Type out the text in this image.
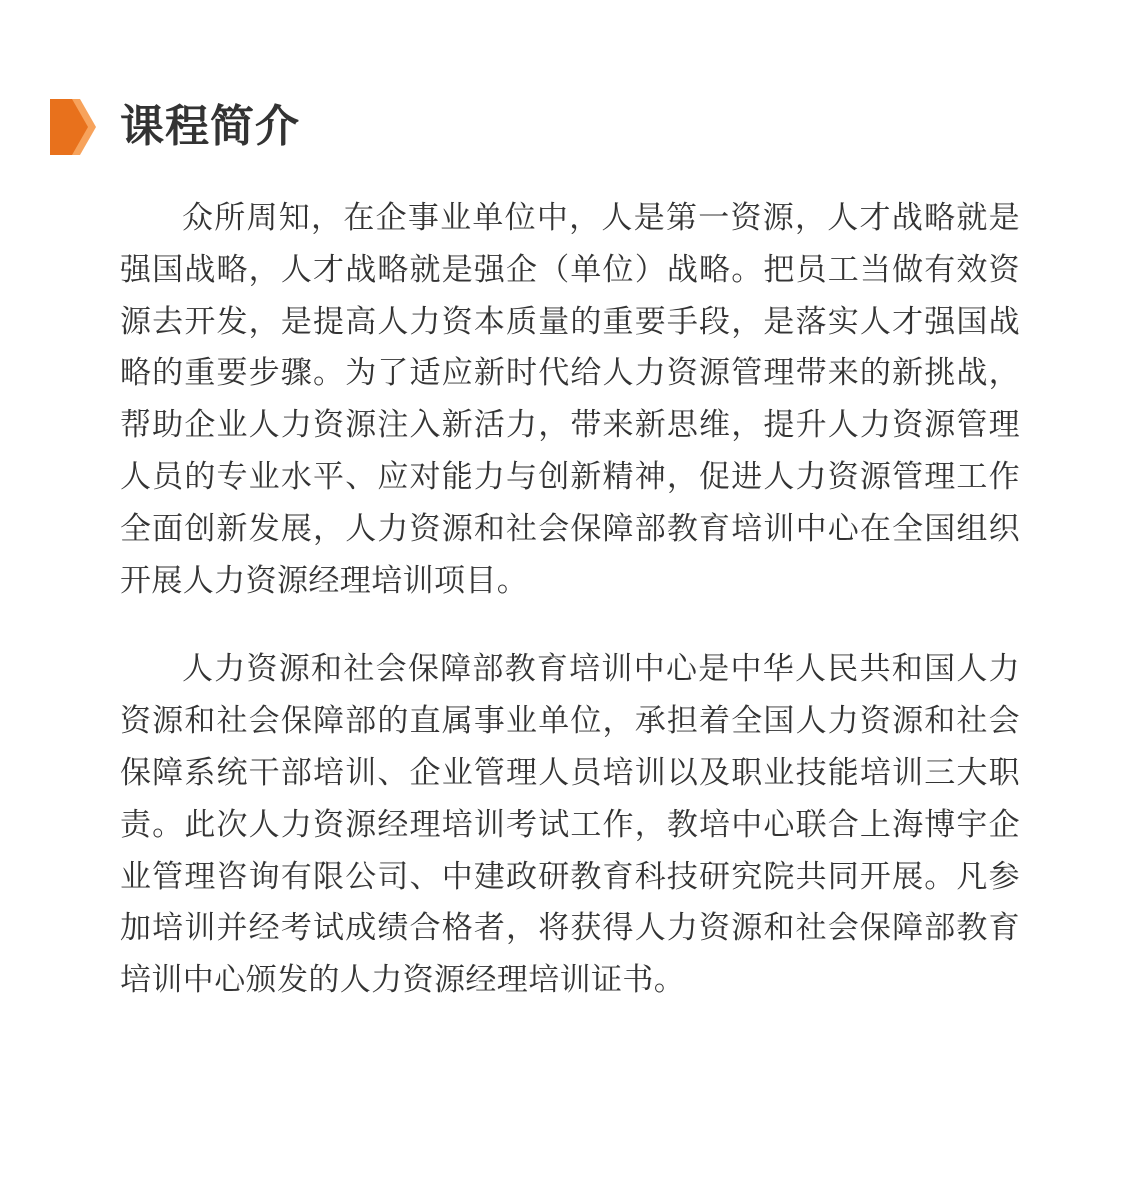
课程简介

众所周知，在企事业单位中，人是第一资源，人才战略就是强国战略，人才战略就是强企（单位）战略。把员工当做有效资源去开发，是提高人力资本质量的重要手段，是落实人才强国战略的重要步骤。为了适应新时代给人力资源管理带来的新挑战，帮助企业人力资源注入新活力，带来新思维，提升人力资源管理人员的专业水平、应对能力与创新精神，促进人力资源管理工作全面创新发展，人力资源和社会保障部教育培训中心在全国组织开展人力资源经理培训项目。

人力资源和社会保障部教育培训中心是中华人民共和国人力资源和社会保障部的直属事业单位，承担着全国人力资源和社会保障系统干部培训、企业管理人员培训以及职业技能培训三大职责。此次人力资源经理培训考试工作，教培中心联合上海博宇企业管理咨询有限公司、中建政研教育科技研究院共同开展。凡参加培训并经考试成绩合格者，将获得人力资源和社会保障部教育培训中心颁发的人力资源经理培训证书。
